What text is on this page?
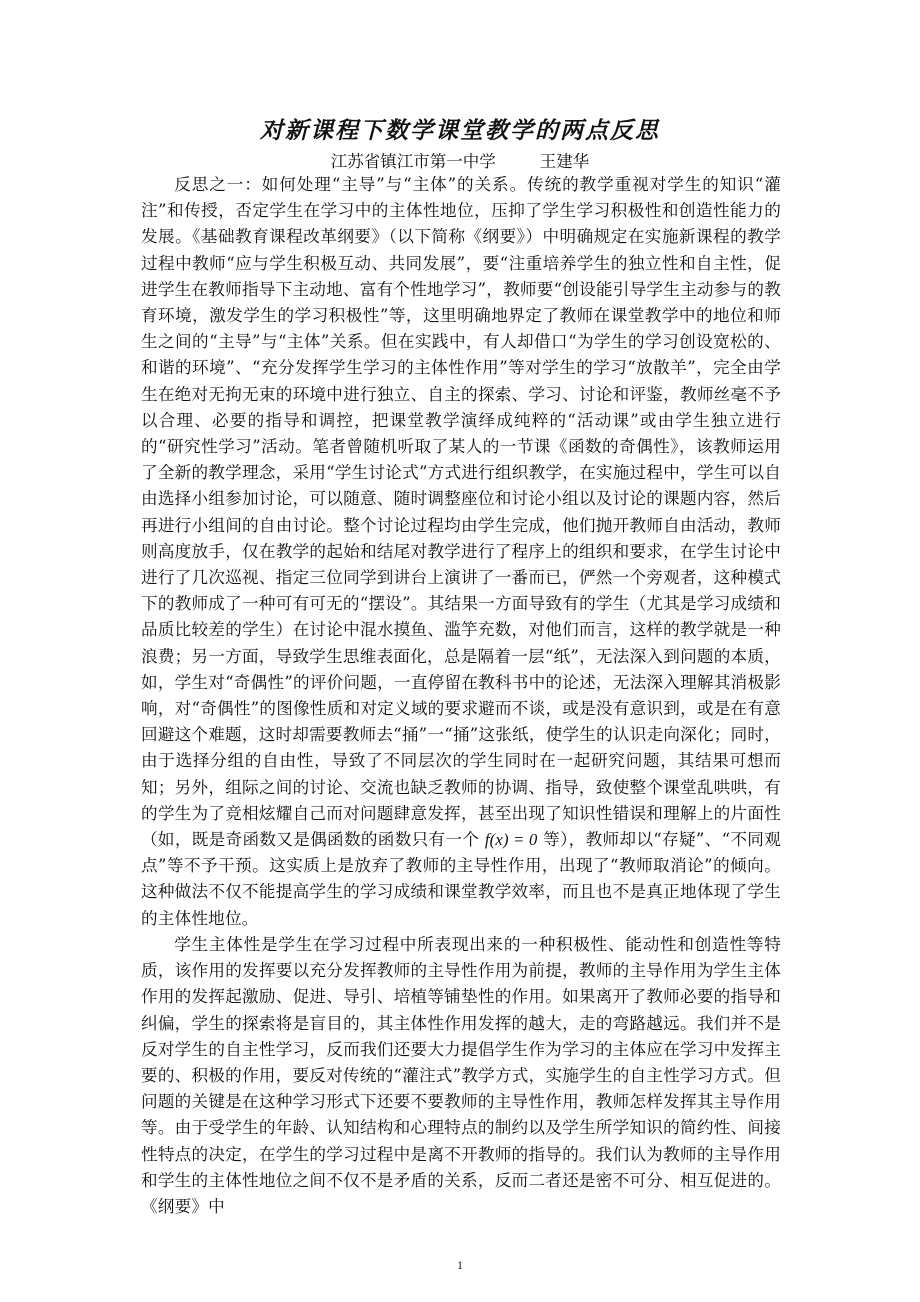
对新课程下数学课堂教学的两点反思
江苏省镇江市第一中学	王建华

反思之一：如何处理“主导”与“主体”的关系。传统的教学重视对学生的知识“灌注”和传授，否定学生在学习中的主体性地位，压抑了学生学习积极性和创造性能力的发展。《基础教育课程改革纲要》（以下简称《纲要》）中明确规定在实施新课程的教学过程中教师“应与学生积极互动、共同发展”，要“注重培养学生的独立性和自主性，促进学生在教师指导下主动地、富有个性地学习”，教师要“创设能引导学生主动参与的教育环境，激发学生的学习积极性”等，这里明确地界定了教师在课堂教学中的地位和师生之间的“主导”与“主体”关系。但在实践中，有人却借口“为学生的学习创设宽松的、和谐的环境”、“充分发挥学生学习的主体性作用”等对学生的学习“放散羊”，完全由学生在绝对无拘无束的环境中进行独立、自主的探索、学习、讨论和评鉴，教师丝毫不予以合理、必要的指导和调控，把课堂教学演绎成纯粹的“活动课”或由学生独立进行的“研究性学习”活动。笔者曾随机听取了某人的一节课《函数的奇偶性》，该教师运用了全新的教学理念，采用“学生讨论式”方式进行组织教学，在实施过程中，学生可以自由选择小组参加讨论，可以随意、随时调整座位和讨论小组以及讨论的课题内容，然后再进行小组间的自由讨论。整个讨论过程均由学生完成，他们抛开教师自由活动，教师则高度放手，仅在教学的起始和结尾对教学进行了程序上的组织和要求，在学生讨论中进行了几次巡视、指定三位同学到讲台上演讲了一番而已，俨然一个旁观者，这种模式下的教师成了一种可有可无的“摆设”。其结果一方面导致有的学生（尤其是学习成绩和品质比较差的学生）在讨论中混水摸鱼、滥竽充数，对他们而言，这样的教学就是一种浪费；另一方面，导致学生思维表面化，总是隔着一层“纸”，无法深入到问题的本质，如，学生对“奇偶性”的评价问题，一直停留在教科书中的论述，无法深入理解其消极影响，对“奇偶性”的图像性质和对定义域的要求避而不谈，或是没有意识到，或是在有意回避这个难题，这时却需要教师去“捅”一“捅”这张纸，使学生的认识走向深化；同时，由于选择分组的自由性，导致了不同层次的学生同时在一起研究问题，其结果可想而知；另外，组际之间的讨论、交流也缺乏教师的协调、指导，致使整个课堂乱哄哄，有的学生为了竞相炫耀自己而对问题肆意发挥，甚至出现了知识性错误和理解上的片面性（如，既是奇函数又是偶函数的函数只有一个 f(x) = 0 等），教师却以“存疑”、“不同观点”等不予干预。这实质上是放弃了教师的主导性作用，出现了“教师取消论”的倾向。这种做法不仅不能提高学生的学习成绩和课堂教学效率，而且也不是真正地体现了学生的主体性地位。

学生主体性是学生在学习过程中所表现出来的一种积极性、能动性和创造性等特质，该作用的发挥要以充分发挥教师的主导性作用为前提，教师的主导作用为学生主体作用的发挥起激励、促进、导引、培植等铺垫性的作用。如果离开了教师必要的指导和纠偏，学生的探索将是盲目的，其主体性作用发挥的越大，走的弯路越远。我们并不是反对学生的自主性学习，反而我们还要大力提倡学生作为学习的主体应在学习中发挥主要的、积极的作用，要反对传统的“灌注式”教学方式，实施学生的自主性学习方式。但问题的关键是在这种学习形式下还要不要教师的主导性作用，教师怎样发挥其主导作用等。由于受学生的年龄、认知结构和心理特点的制约以及学生所学知识的简约性、间接性特点的决定，在学生的学习过程中是离不开教师的指导的。我们认为教师的主导作用和学生的主体性地位之间不仅不是矛盾的关系，反而二者还是密不可分、相互促进的。《纲要》中

1
